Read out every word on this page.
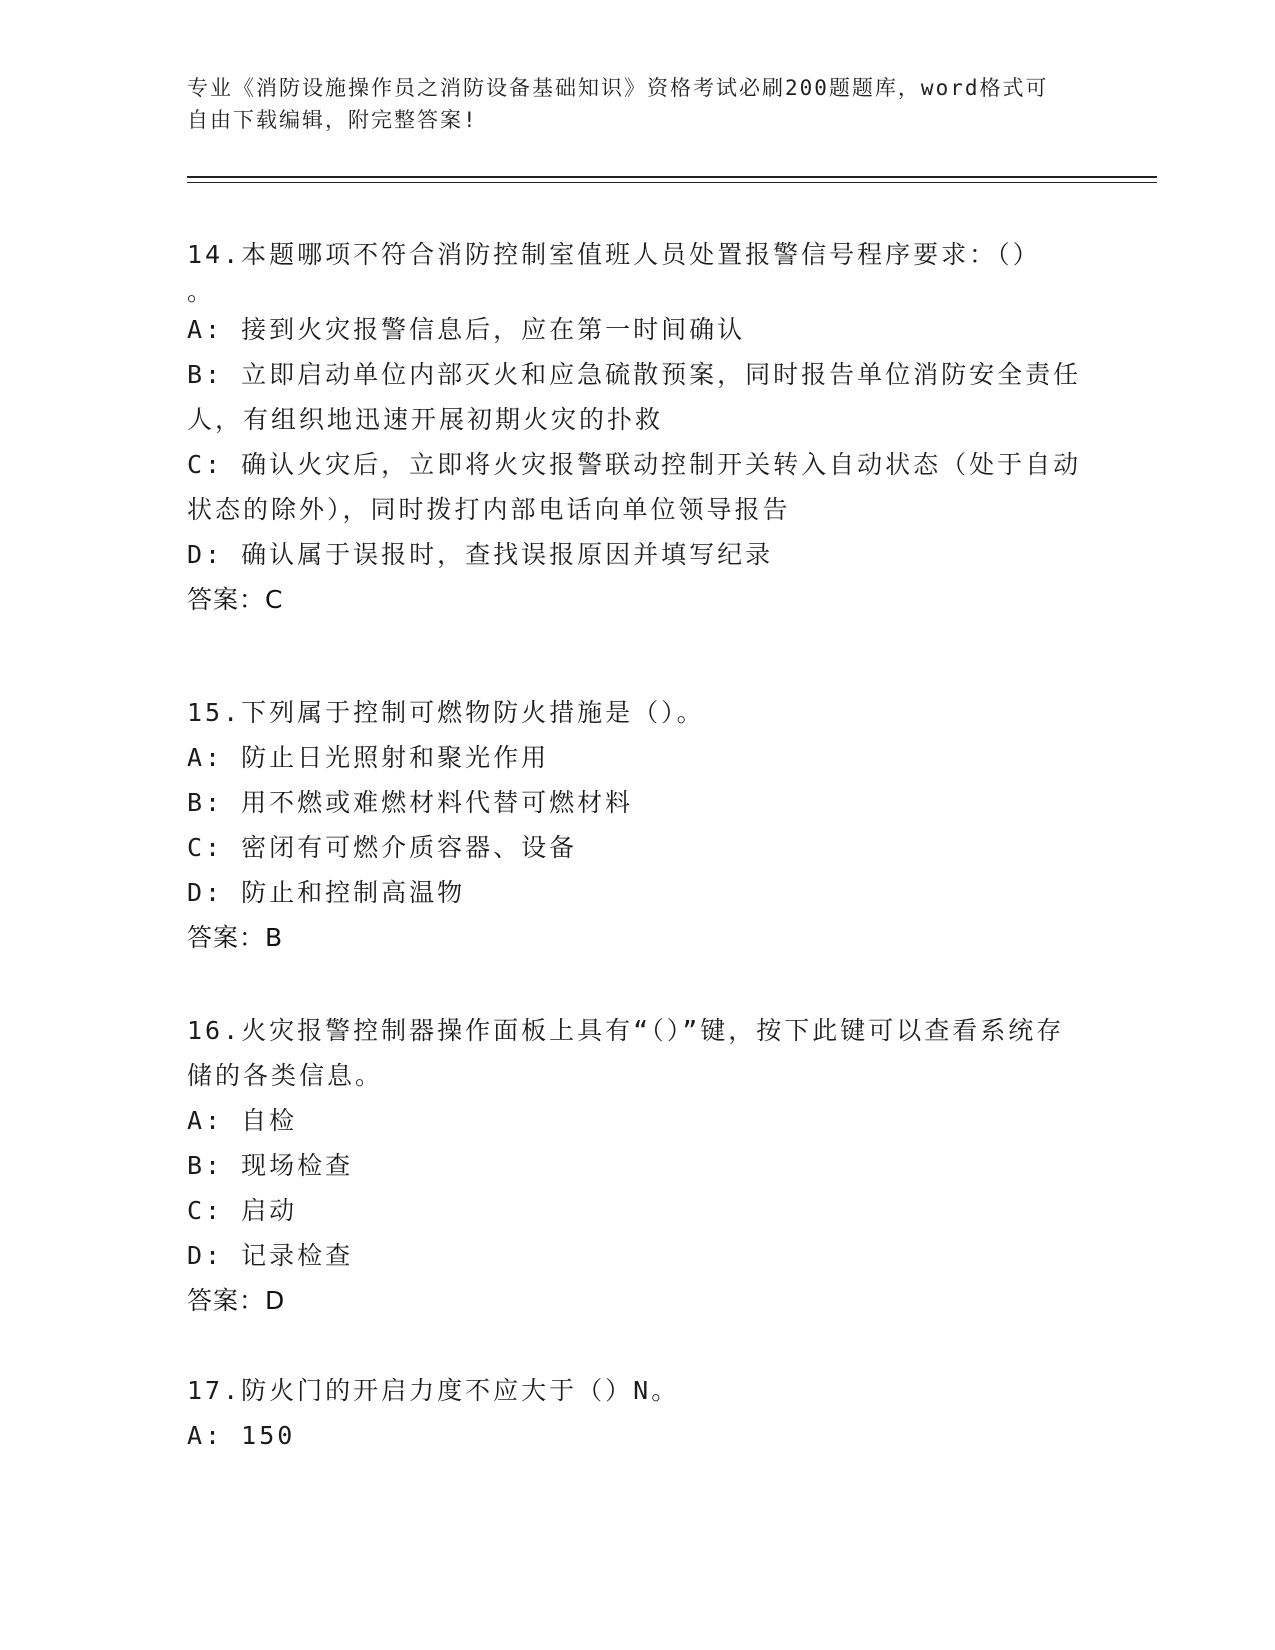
专业《消防设施操作员之消防设备基础知识》资格考试必刷200题题库，word格式可自由下载编辑，附完整答案!
14.本题哪项不符合消防控制室值班人员处置报警信号程序要求：（）
。
A: 接到火灾报警信息后，应在第一时间确认
B: 立即启动单位内部灭火和应急硫散预案，同时报告单位消防安全责任人，有组织地迅速开展初期火灾的扑救
C: 确认火灾后，立即将火灾报警联动控制开关转入自动状态（处于自动状态的除外），同时拨打内部电话向单位领导报告
D: 确认属于误报时，查找误报原因并填写纪录
答案：C
15.下列属于控制可燃物防火措施是（）。
A: 防止日光照射和聚光作用
B: 用不燃或难燃材料代替可燃材料
C: 密闭有可燃介质容器、设备
D: 防止和控制高温物
答案：B
16.火灾报警控制器操作面板上具有“（）”键，按下此键可以查看系统存储的各类信息。
A: 自检
B: 现场检查
C: 启动
D: 记录检查
答案：D
17.防火门的开启力度不应大于（）N。
A: 150
